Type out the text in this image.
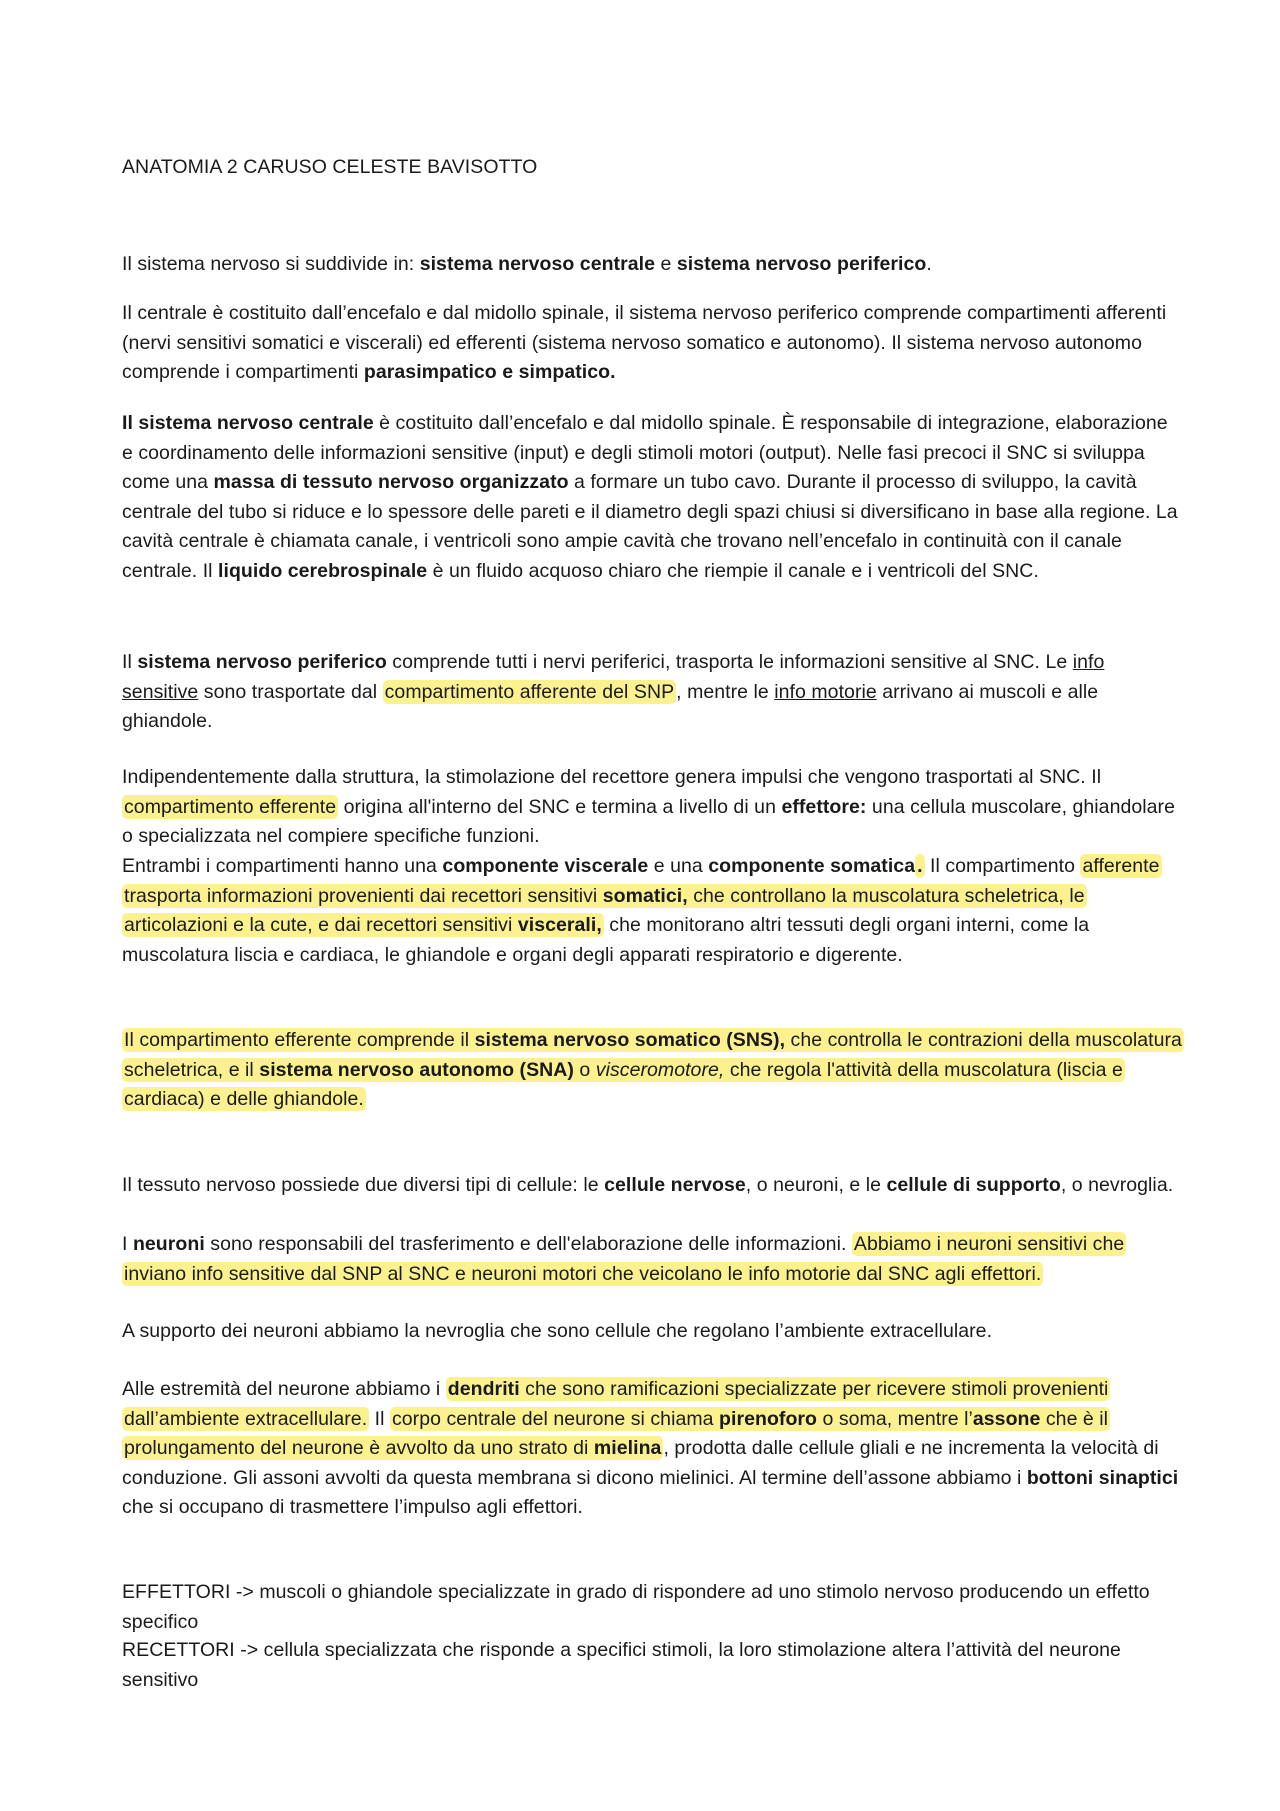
ANATOMIA 2 CARUSO CELESTE BAVISOTTO
Il sistema nervoso si suddivide in: sistema nervoso centrale e sistema nervoso periferico.
Il centrale è costituito dall’encefalo e dal midollo spinale, il sistema nervoso periferico comprende compartimenti afferenti (nervi sensitivi somatici e viscerali) ed efferenti (sistema nervoso somatico e autonomo). Il sistema nervoso autonomo comprende i compartimenti parasimpatico e simpatico.
Il sistema nervoso centrale è costituito dall’encefalo e dal midollo spinale. È responsabile di integrazione, elaborazione e coordinamento delle informazioni sensitive (input) e degli stimoli motori (output). Nelle fasi precoci il SNC si sviluppa come una massa di tessuto nervoso organizzato a formare un tubo cavo. Durante il processo di sviluppo, la cavità centrale del tubo si riduce e lo spessore delle pareti e il diametro degli spazi chiusi si diversificano in base alla regione. La cavità centrale è chiamata canale, i ventricoli sono ampie cavità che trovano nell’encefalo in continuità con il canale centrale. Il liquido cerebrospinale è un fluido acquoso chiaro che riempie il canale e i ventricoli del SNC.
Il sistema nervoso periferico comprende tutti i nervi periferici, trasporta le informazioni sensitive al SNC. Le info sensitive sono trasportate dal compartimento afferente del SNP , mentre le info motorie arrivano ai muscoli e alle ghiandole.
Indipendentemente dalla struttura, la stimolazione del recettore genera impulsi che vengono trasportati al SNC. Il compartimento efferente origina all'interno del SNC e termina a livello di un effettore: una cellula muscolare, ghiandolare o specializzata nel compiere specifiche funzioni.
Entrambi i compartimenti hanno una componente viscerale e una componente somatica . Il compartimento afferente trasporta informazioni provenienti dai recettori sensitivi somatici, che controllano la muscolatura scheletrica, le articolazioni e la cute, e dai recettori sensitivi viscerali, che monitorano altri tessuti degli organi interni, come la muscolatura liscia e cardiaca, le ghiandole e organi degli apparati respiratorio e digerente.
Il compartimento efferente comprende il sistema nervoso somatico (SNS), che controlla le contrazioni della muscolatura scheletrica, e il sistema nervoso autonomo (SNA) o visceromotore, che regola l'attività della muscolatura (liscia e cardiaca) e delle ghiandole.
Il tessuto nervoso possiede due diversi tipi di cellule: le cellule nervose, o neuroni, e le cellule di supporto, o nevroglia.
I neuroni sono responsabili del trasferimento e dell'elaborazione delle informazioni. Abbiamo i neuroni sensitivi che inviano info sensitive dal SNP al SNC e neuroni motori che veicolano le info motorie dal SNC agli effettori.
A supporto dei neuroni abbiamo la nevroglia che sono cellule che regolano l’ambiente extracellulare.
Alle estremità del neurone abbiamo i dendriti che sono ramificazioni specializzate per ricevere stimoli provenienti dall’ambiente extracellulare. Il corpo centrale del neurone si chiama pirenoforo o soma, mentre l’assone che è il prolungamento del neurone è avvolto da uno strato di mielina , prodotta dalle cellule gliali e ne incrementa la velocità di conduzione. Gli assoni avvolti da questa membrana si dicono mielinici. Al termine dell’assone abbiamo i bottoni sinaptici che si occupano di trasmettere l’impulso agli effettori.
EFFETTORI -> muscoli o ghiandole specializzate in grado di rispondere ad uno stimolo nervoso producendo un effetto specifico
RECETTORI -> cellula specializzata che risponde a specifici stimoli, la loro stimolazione altera l’attività del neurone sensitivo
